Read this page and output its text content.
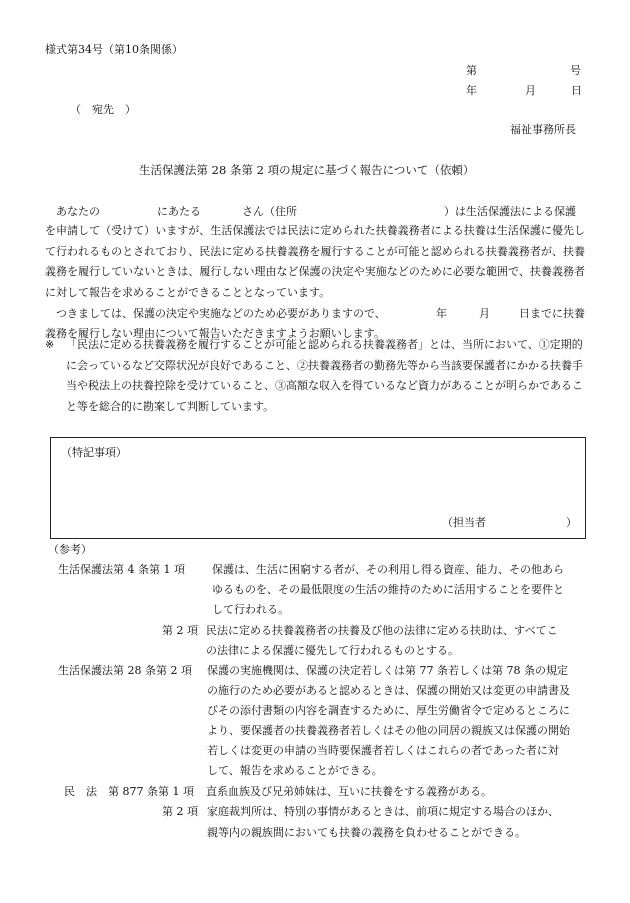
様式第34号（第10条関係）
第	号
年	月	日
（　宛先　）
福祉事務所長
生活保護法第 28 条第 2 項の規定に基づく報告について（依頼）
あなたの	にあたる	さん（住所	）は生活保護法による保護
を申請して（受けて）いますが、生活保護法では民法に定められた扶養義務者による扶養は生活保護に優先して行われるものとされており、民法に定める扶養義務を履行することが可能と認められる扶養義務者が、扶養義務を履行していないときは、履行しない理由など保護の決定や実施などのために必要な範囲で、扶養義務者に対して報告を求めることができることとなっています。
つきましては、保護の決定や実施などのため必要がありますので、	年	月	日までに扶養
義務を履行しない理由について報告いただきますようお願いします。
※ 「民法に定める扶養義務を履行することが可能と認められる扶養義務者」とは、当所において、①定期的に会っているなど交際状況が良好であること、②扶養義務者の勤務先等から当該要保護者にかかる扶養手当や税法上の扶養控除を受けていること、③高額な収入を得ているなど資力があることが明らかであること等を総合的に勘案して判断しています。
（特記事項）
（担当者	）
（参考）
生活保護法第 4 条第 1 項 保護は、生活に困窮する者が、その利用し得る資産、能力、その他あら
ゆるものを、その最低限度の生活の維持のために活用することを要件と
して行われる。
第 2 項 民法に定める扶養義務者の扶養及び他の法律に定める扶助は、すべてこ
の法律による保護に優先して行われるものとする。
生活保護法第 28 条第 2 項 保護の実施機関は、保護の決定若しくは第 77 条若しくは第 78 条の規定
の施行のため必要があると認めるときは、保護の開始又は変更の申請書及
びその添付書類の内容を調査するために、厚生労働省令で定めるところに
より、要保護者の扶養義務者若しくはその他の同居の親族又は保護の開始
若しくは変更の申請の当時要保護者若しくはこれらの者であった者に対
して、報告を求めることができる。
民　法　第 877 条第 1 項 直系血族及び兄弟姉妹は、互いに扶養をする義務がある。
第 2 項 家庭裁判所は、特別の事情があるときは、前項に規定する場合のほか、
親等内の親族間においても扶養の義務を負わせることができる。
